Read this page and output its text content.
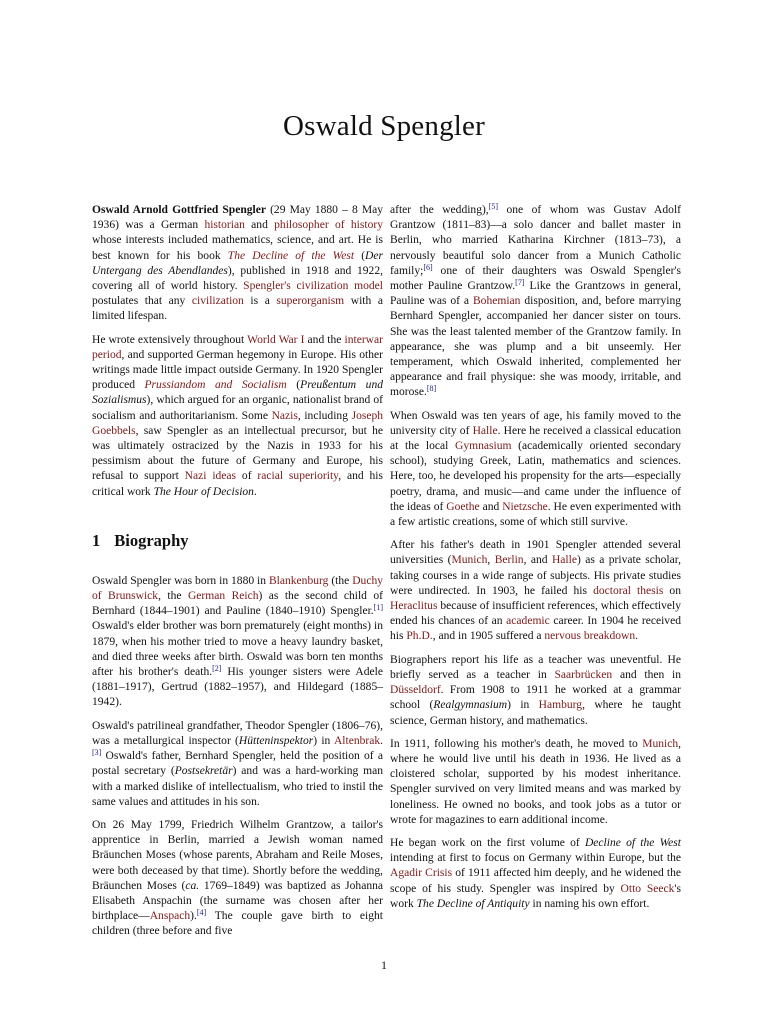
Oswald Spengler

Oswald Arnold Gottfried Spengler (29 May 1880 – 8 May 1936) was a German historian and philosopher of history whose interests included mathematics, science, and art. He is best known for his book The Decline of the West (Der Untergang des Abendlandes), published in 1918 and 1922, covering all of world history. Spengler's civilization model postulates that any civilization is a superorganism with a limited lifespan.

He wrote extensively throughout World War I and the interwar period, and supported German hegemony in Europe. His other writings made little impact outside Germany. In 1920 Spengler produced Prussiandom and Socialism (Preußentum und Sozialismus), which argued for an organic, nationalist brand of socialism and authoritarianism. Some Nazis, including Joseph Goebbels, saw Spengler as an intellectual precursor, but he was ultimately ostracized by the Nazis in 1933 for his pessimism about the future of Germany and Europe, his refusal to support Nazi ideas of racial superiority, and his critical work The Hour of Decision.

1 Biography

Oswald Spengler was born in 1880 in Blankenburg (the Duchy of Brunswick, the German Reich) as the second child of Bernhard (1844–1901) and Pauline (1840–1910) Spengler.[1] Oswald's elder brother was born prematurely (eight months) in 1879, when his mother tried to move a heavy laundry basket, and died three weeks after birth. Oswald was born ten months after his brother's death.[2] His younger sisters were Adele (1881–1917), Gertrud (1882–1957), and Hildegard (1885–1942).

Oswald's patrilineal grandfather, Theodor Spengler (1806–76), was a metallurgical inspector (Hütteninspektor) in Altenbrak.[3] Oswald's father, Bernhard Spengler, held the position of a postal secretary (Postsekretär) and was a hard-working man with a marked dislike of intellectualism, who tried to instil the same values and attitudes in his son.

On 26 May 1799, Friedrich Wilhelm Grantzow, a tailor's apprentice in Berlin, married a Jewish woman named Bräunchen Moses (whose parents, Abraham and Reile Moses, were both deceased by that time). Shortly before the wedding, Bräunchen Moses (ca. 1769–1849) was baptized as Johanna Elisabeth Anspachin (the surname was chosen after her birthplace—Anspach).[4] The couple gave birth to eight children (three before and five

after the wedding),[5] one of whom was Gustav Adolf Grantzow (1811–83)—a solo dancer and ballet master in Berlin, who married Katharina Kirchner (1813–73), a nervously beautiful solo dancer from a Munich Catholic family;[6] one of their daughters was Oswald Spengler's mother Pauline Grantzow.[7] Like the Grantzows in general, Pauline was of a Bohemian disposition, and, before marrying Bernhard Spengler, accompanied her dancer sister on tours. She was the least talented member of the Grantzow family. In appearance, she was plump and a bit unseemly. Her temperament, which Oswald inherited, complemented her appearance and frail physique: she was moody, irritable, and morose.[8]

When Oswald was ten years of age, his family moved to the university city of Halle. Here he received a classical education at the local Gymnasium (academically oriented secondary school), studying Greek, Latin, mathematics and sciences. Here, too, he developed his propensity for the arts—especially poetry, drama, and music—and came under the influence of the ideas of Goethe and Nietzsche. He even experimented with a few artistic creations, some of which still survive.

After his father's death in 1901 Spengler attended several universities (Munich, Berlin, and Halle) as a private scholar, taking courses in a wide range of subjects. His private studies were undirected. In 1903, he failed his doctoral thesis on Heraclitus because of insufficient references, which effectively ended his chances of an academic career. In 1904 he received his Ph.D., and in 1905 suffered a nervous breakdown.

Biographers report his life as a teacher was uneventful. He briefly served as a teacher in Saarbrücken and then in Düsseldorf. From 1908 to 1911 he worked at a grammar school (Realgymnasium) in Hamburg, where he taught science, German history, and mathematics.

In 1911, following his mother's death, he moved to Munich, where he would live until his death in 1936. He lived as a cloistered scholar, supported by his modest inheritance. Spengler survived on very limited means and was marked by loneliness. He owned no books, and took jobs as a tutor or wrote for magazines to earn additional income.

He began work on the first volume of Decline of the West intending at first to focus on Germany within Europe, but the Agadir Crisis of 1911 affected him deeply, and he widened the scope of his study. Spengler was inspired by Otto Seeck's work The Decline of Antiquity in naming his own effort.

1
